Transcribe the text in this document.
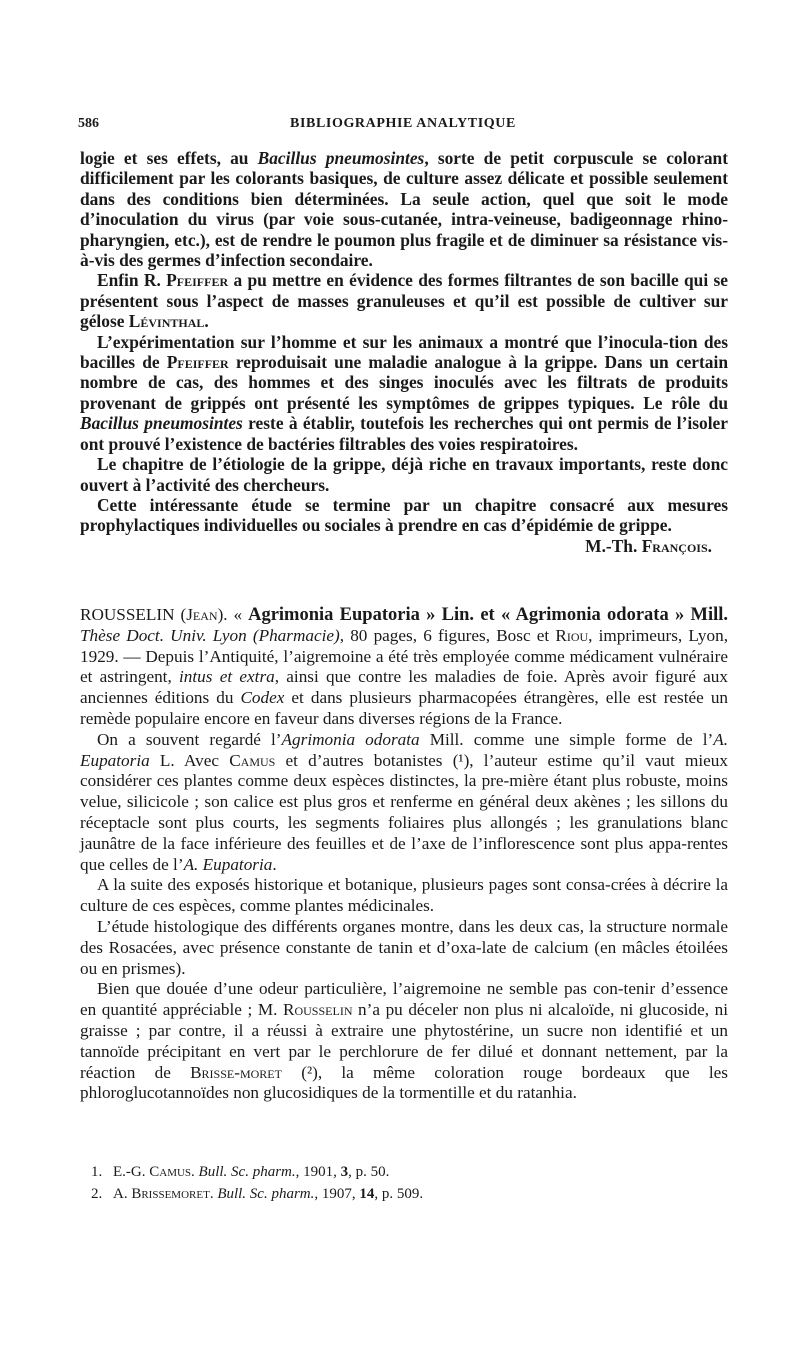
586	BIBLIOGRAPHIE ANALYTIQUE

logie et ses effets, au Bacillus pneumosintes, sorte de petit corpuscule se colorant difficilement par les colorants basiques, de culture assez délicate et possible seulement dans des conditions bien déterminées. La seule action, quel que soit le mode d’inoculation du virus (par voie sous-cutanée, intra-veineuse, badigeonnage rhino-pharyngien, etc.), est de rendre le poumon plus fragile et de diminuer sa résistance vis-à-vis des germes d’infection secondaire.

Enfin R. Pfeiffer a pu mettre en évidence des formes filtrantes de son bacille qui se présentent sous l’aspect de masses granuleuses et qu’il est possible de cultiver sur gélose Lévinthal.

L’expérimentation sur l’homme et sur les animaux a montré que l’inocula-tion des bacilles de Pfeiffer reproduisait une maladie analogue à la grippe. Dans un certain nombre de cas, des hommes et des singes inoculés avec les filtrats de produits provenant de grippés ont présenté les symptômes de grippes typiques. Le rôle du Bacillus pneumosintes reste à établir, toutefois les recherches qui ont permis de l’isoler ont prouvé l’existence de bactéries filtrables des voies respiratoires.

Le chapitre de l’étiologie de la grippe, déjà riche en travaux importants, reste donc ouvert à l’activité des chercheurs.

Cette intéressante étude se termine par un chapitre consacré aux mesures prophylactiques individuelles ou sociales à prendre en cas d’épidémie de grippe.

M.-Th. François.

ROUSSELIN (Jean). « Agrimonia Eupatoria » Lin. et « Agrimonia odorata » Mill. Thèse Doct. Univ. Lyon (Pharmacie), 80 pages, 6 figures, Bosc et Riou, imprimeurs, Lyon, 1929. — Depuis l’Antiquité, l’aigremoine a été très employée comme médicament vulnéraire et astringent, intus et extra, ainsi que contre les maladies de foie. Après avoir figuré aux anciennes éditions du Codex et dans plusieurs pharmacopées étrangères, elle est restée un remède populaire encore en faveur dans diverses régions de la France.

On a souvent regardé l’Agrimonia odorata Mill. comme une simple forme de l’A. Eupatoria L. Avec Camus et d’autres botanistes (¹), l’auteur estime qu’il vaut mieux considérer ces plantes comme deux espèces distinctes, la pre-mière étant plus robuste, moins velue, silicicole ; son calice est plus gros et renferme en général deux akènes ; les sillons du réceptacle sont plus courts, les segments foliaires plus allongés ; les granulations blanc jaunâtre de la face inférieure des feuilles et de l’axe de l’inflorescence sont plus appa-rentes que celles de l’A. Eupatoria.

A la suite des exposés historique et botanique, plusieurs pages sont consa-crées à décrire la culture de ces espèces, comme plantes médicinales.

L’étude histologique des différents organes montre, dans les deux cas, la structure normale des Rosacées, avec présence constante de tanin et d’oxa-late de calcium (en mâcles étoilées ou en prismes).

Bien que douée d’une odeur particulière, l’aigremoine ne semble pas con-tenir d’essence en quantité appréciable ; M. Rousselin n’a pu déceler non plus ni alcaloïde, ni glucoside, ni graisse ; par contre, il a réussi à extraire une phytostérine, un sucre non identifié et un tannoïde précipitant en vert par le perchlorure de fer dilué et donnant nettement, par la réaction de Brisse-moret (²), la même coloration rouge bordeaux que les phloroglucotannoïdes non glucosidiques de la tormentille et du ratanhia.

1. E.-G. Camus. Bull. Sc. pharm., 1901, 3, p. 50.
2. A. Brissemoret. Bull. Sc. pharm., 1907, 14, p. 509.
